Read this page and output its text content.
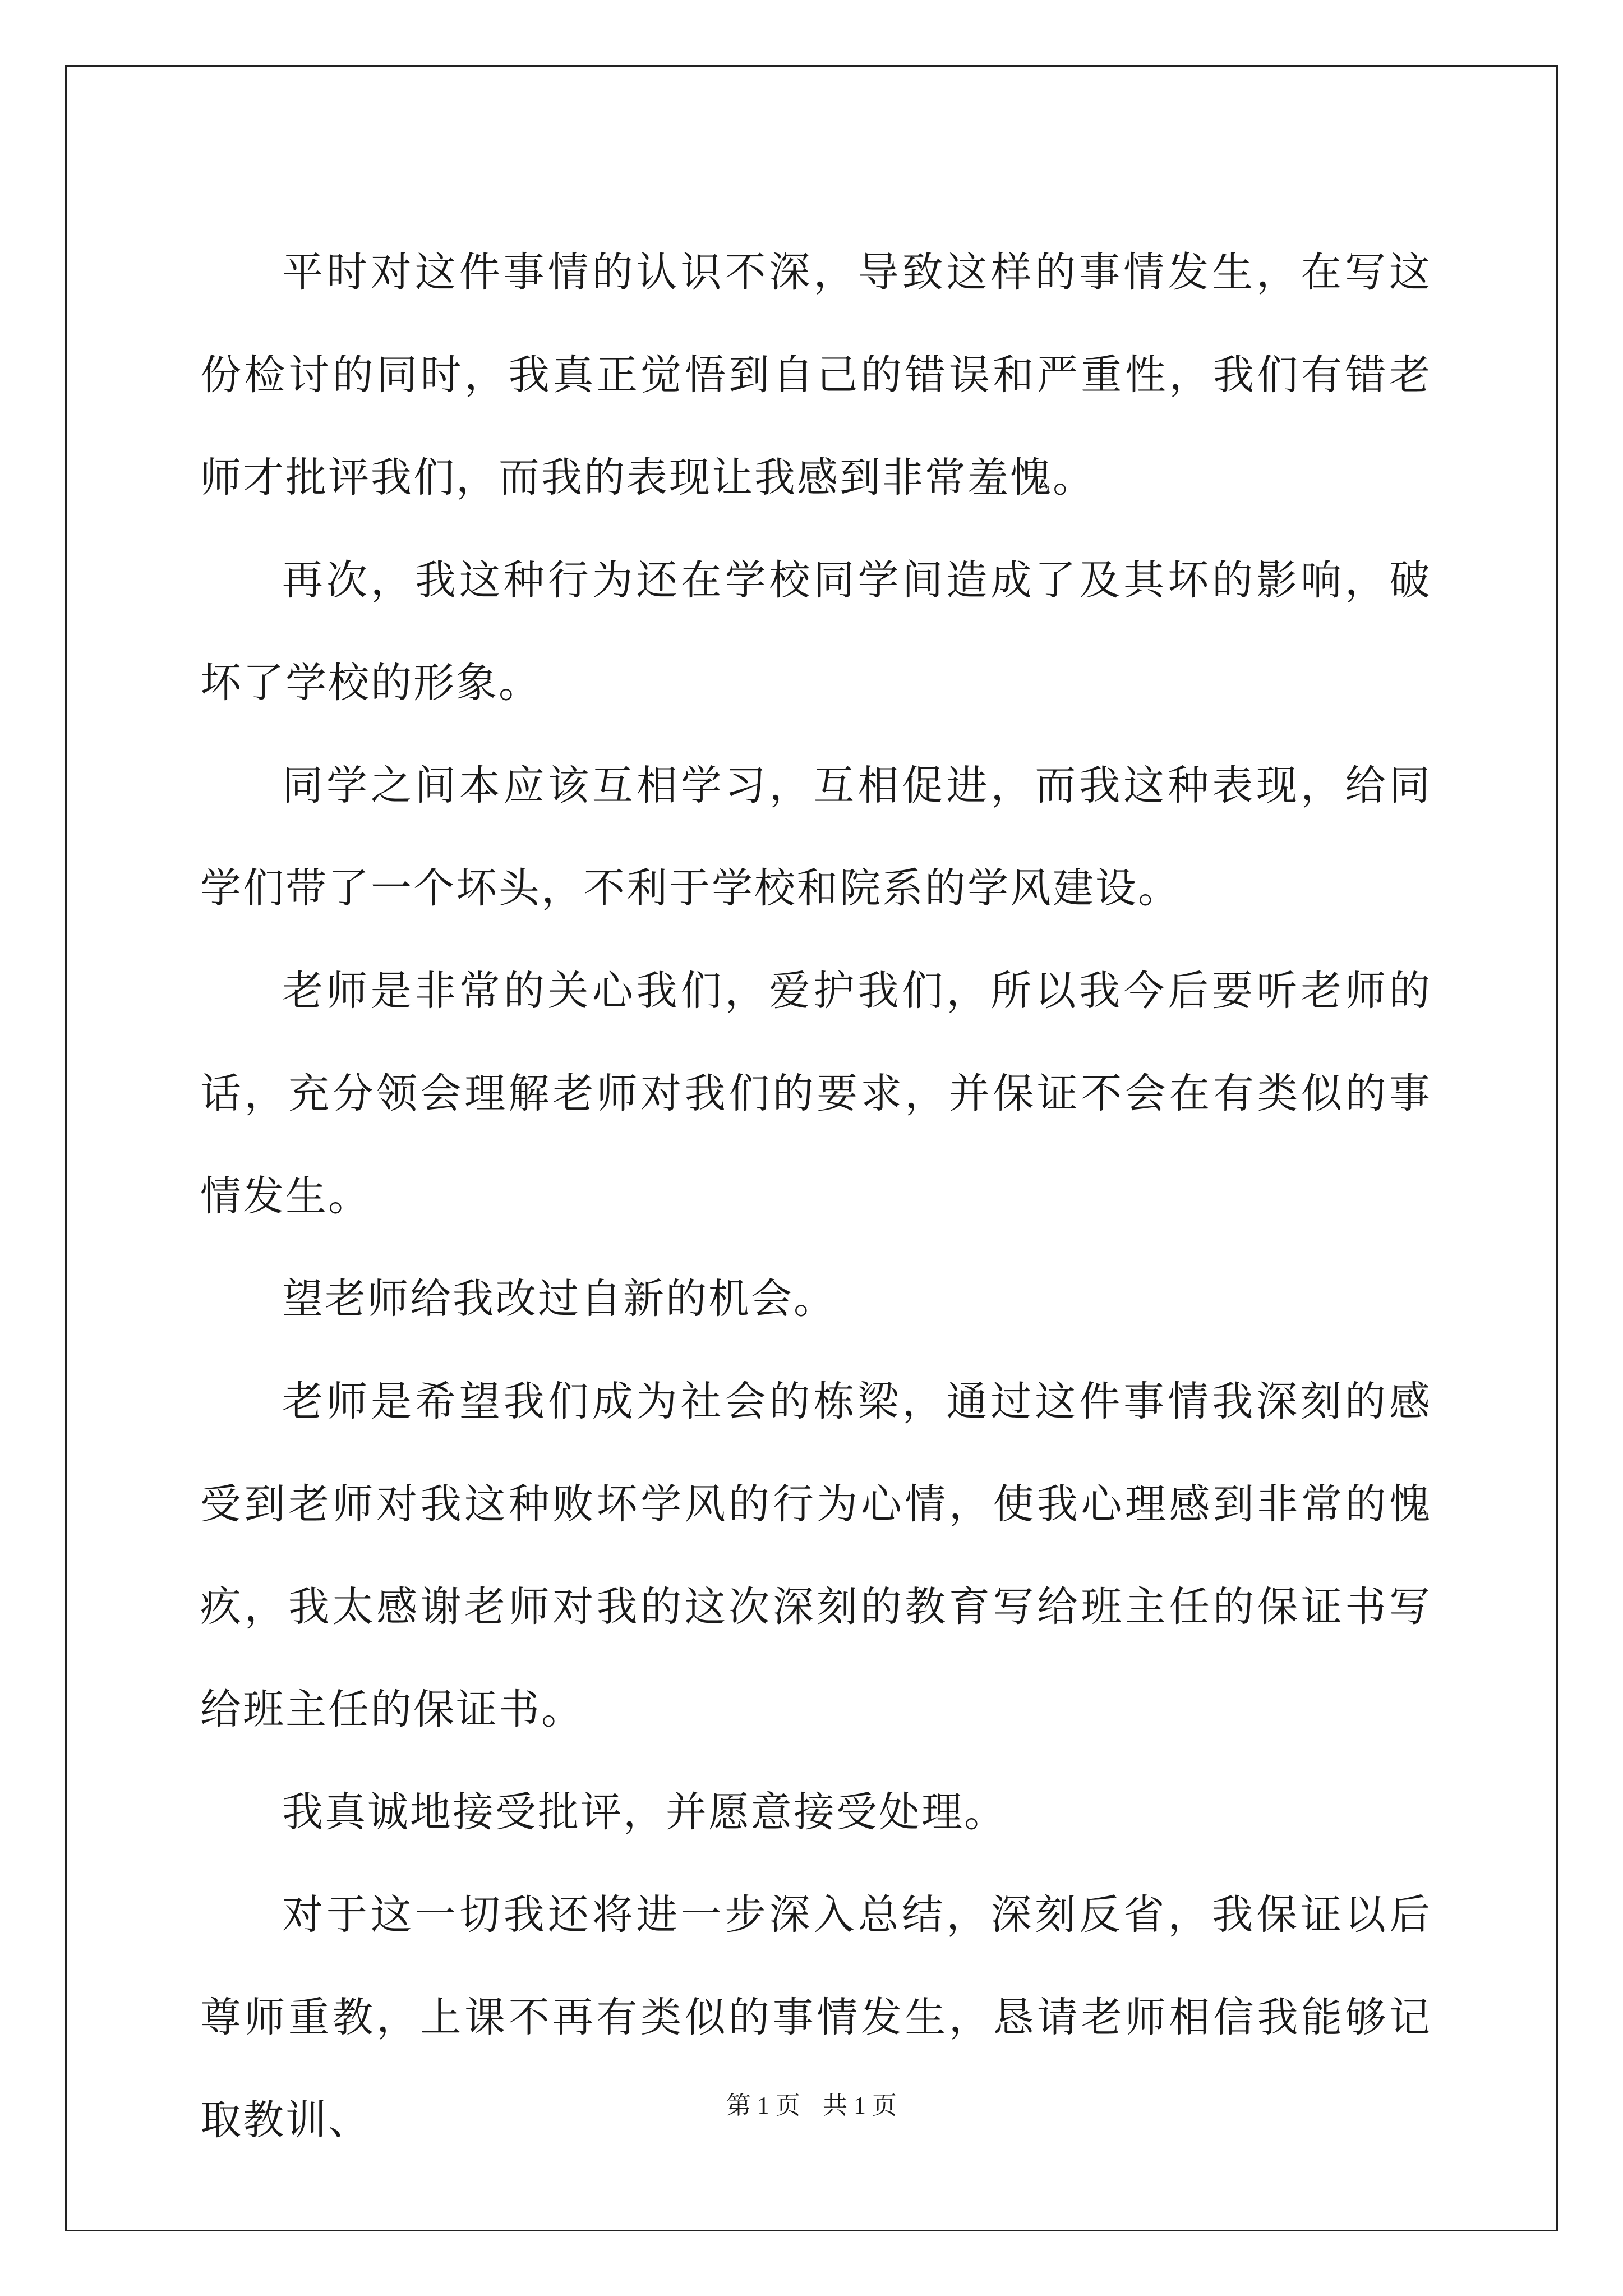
平时对这件事情的认识不深，导致这样的事情发生，在写这份检讨的同时，我真正觉悟到自己的错误和严重性，我们有错老师才批评我们，而我的表现让我感到非常羞愧。

再次，我这种行为还在学校同学间造成了及其坏的影响，破坏了学校的形象。

同学之间本应该互相学习，互相促进，而我这种表现，给同学们带了一个坏头，不利于学校和院系的学风建设。

老师是非常的关心我们，爱护我们，所以我今后要听老师的话，充分领会理解老师对我们的要求，并保证不会在有类似的事情发生。

望老师给我改过自新的机会。

老师是希望我们成为社会的栋梁，通过这件事情我深刻的感受到老师对我这种败坏学风的行为心情，使我心理感到非常的愧疚，我太感谢老师对我的这次深刻的教育写给班主任的保证书写给班主任的保证书。

我真诚地接受批评，并愿意接受处理。

对于这一切我还将进一步深入总结，深刻反省，我保证以后尊师重教，上课不再有类似的事情发生，恳请老师相信我能够记取教训、	第 1 页 共 1 页
